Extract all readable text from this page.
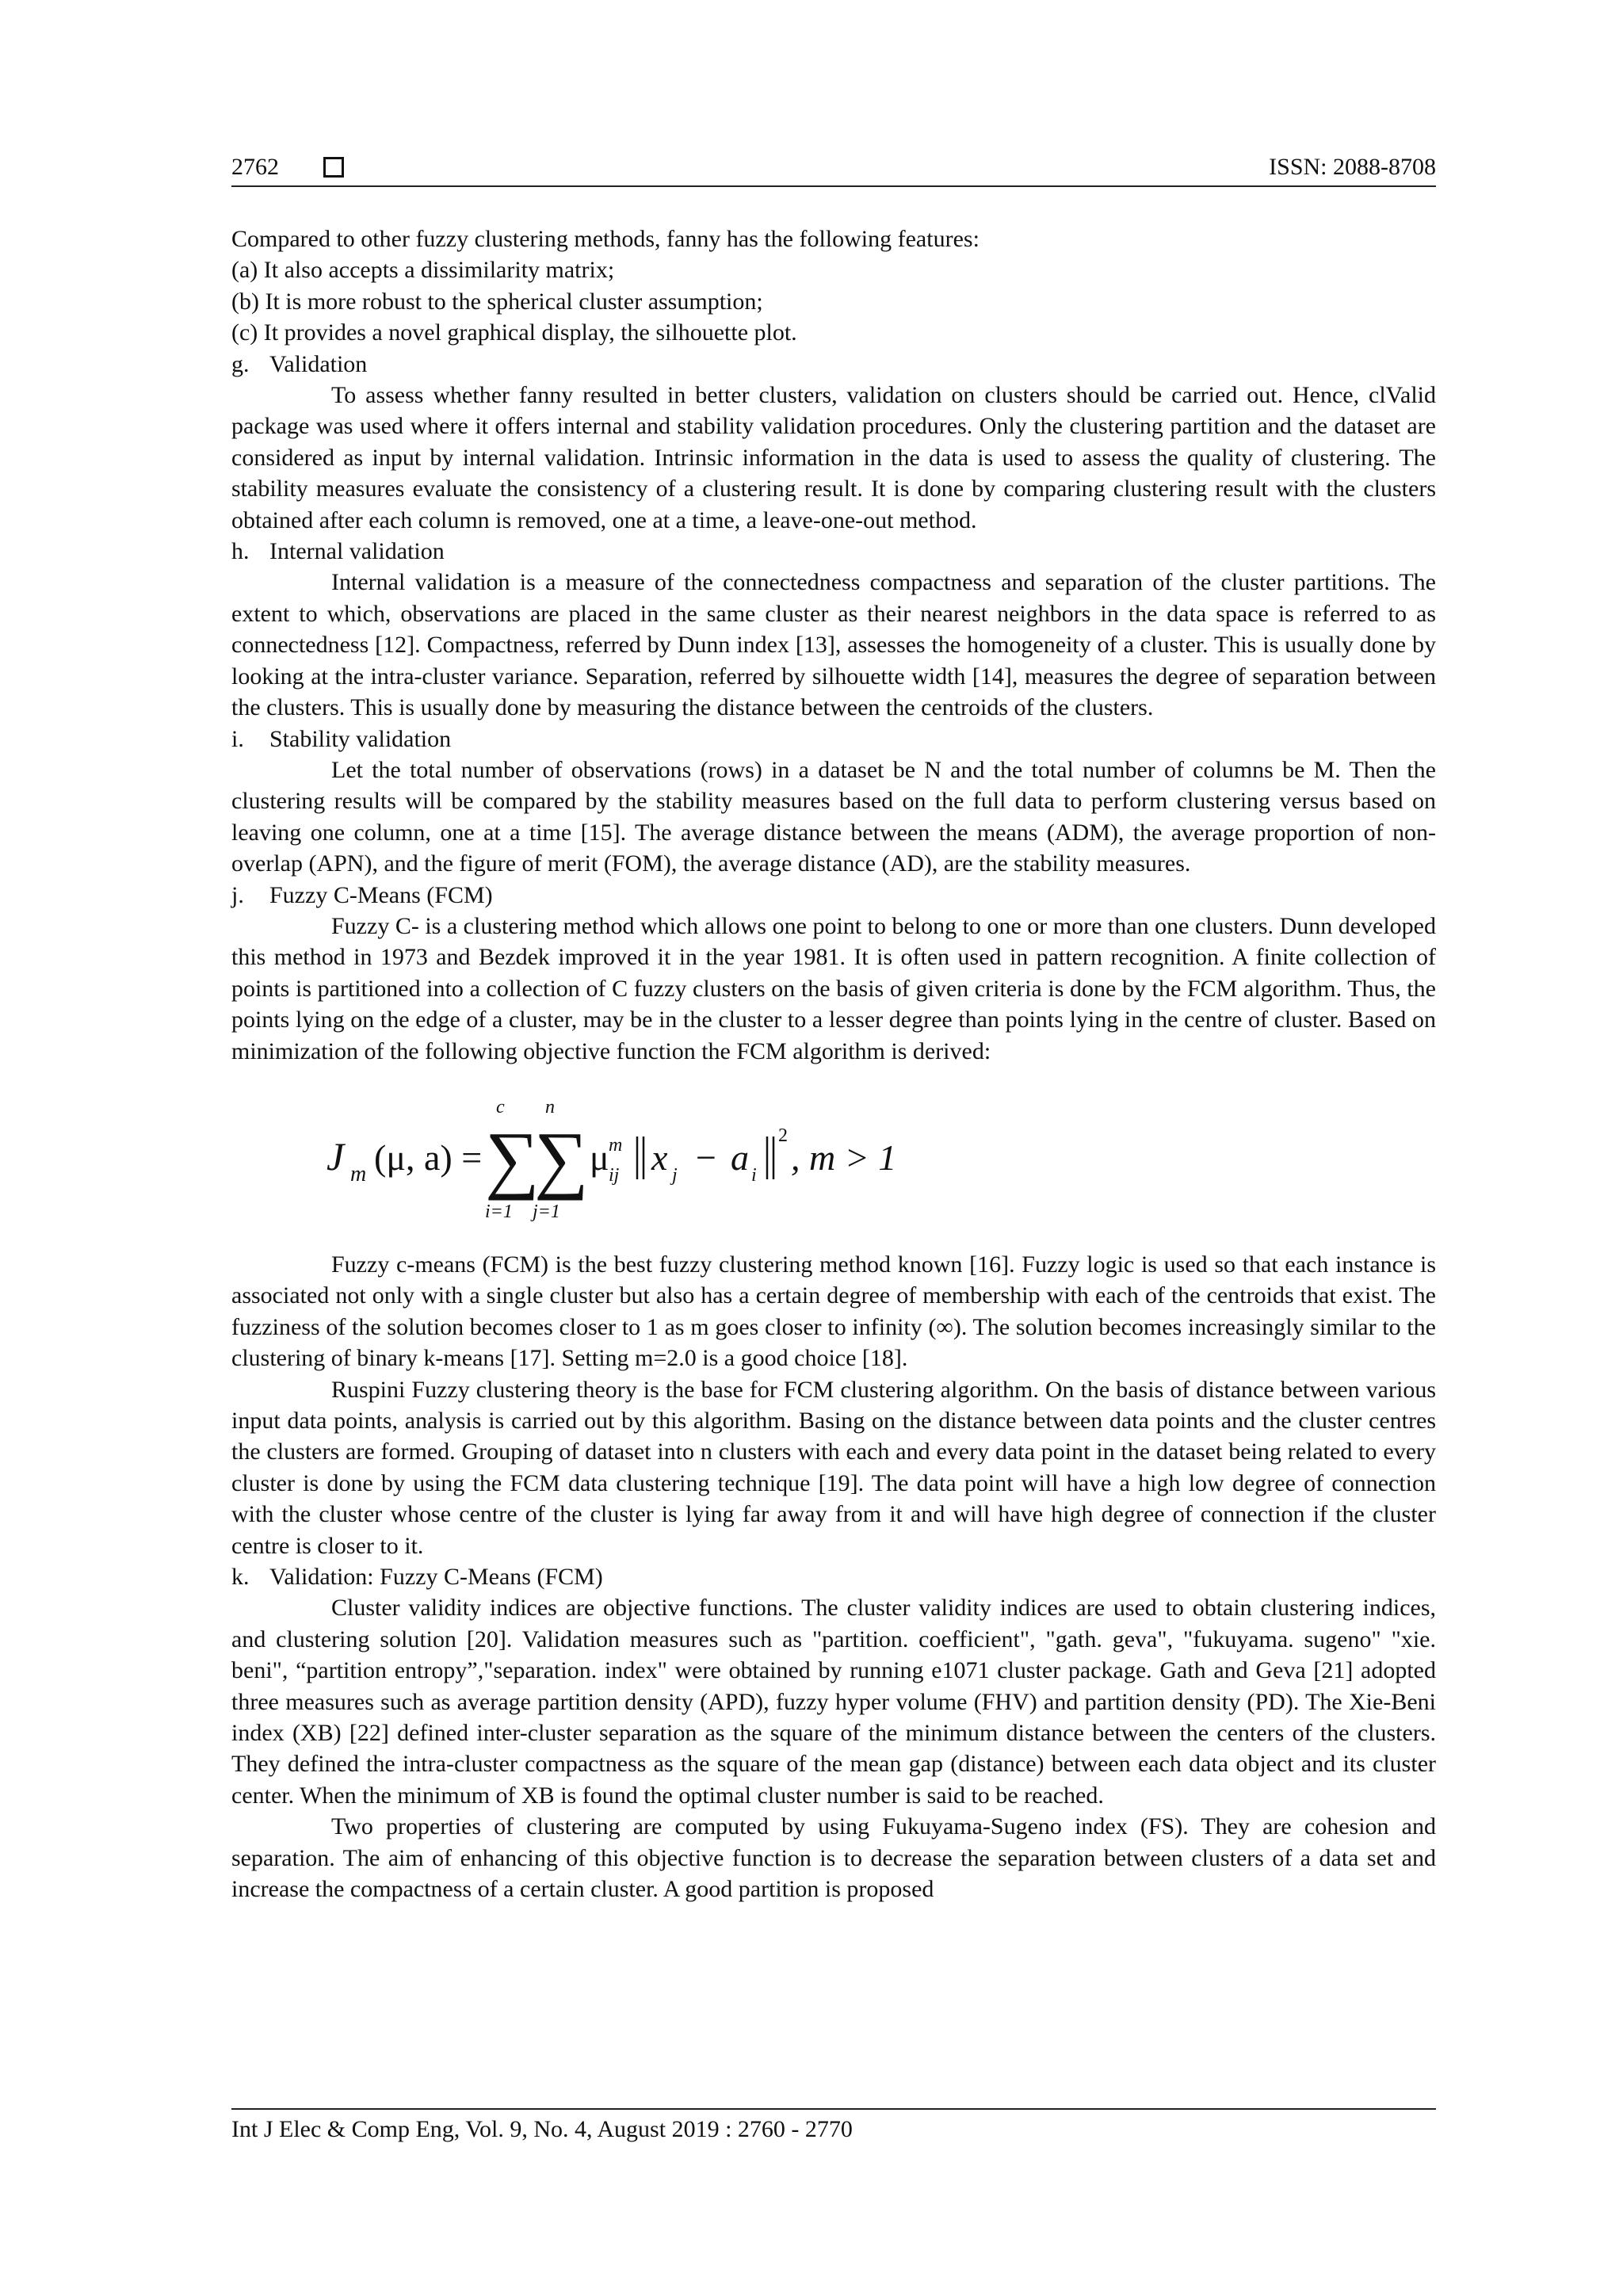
2762	ISSN: 2088-8708
Compared to other fuzzy clustering methods, fanny has the following features:
(a) It also accepts a dissimilarity matrix;
(b) It is more robust to the spherical cluster assumption;
(c) It provides a novel graphical display, the silhouette plot.
g. Validation

To assess whether fanny resulted in better clusters, validation on clusters should be carried out. Hence, clValid package was used where it offers internal and stability validation procedures. Only the clustering partition and the dataset are considered as input by internal validation. Intrinsic information in the data is used to assess the quality of clustering. The stability measures evaluate the consistency of a clustering result. It is done by comparing clustering result with the clusters obtained after each column is removed, one at a time, a leave-one-out method.

h. Internal validation

Internal validation is a measure of the connectedness compactness and separation of the cluster partitions. The extent to which, observations are placed in the same cluster as their nearest neighbors in the data space is referred to as connectedness [12]. Compactness, referred by Dunn index [13], assesses the homogeneity of a cluster. This is usually done by looking at the intra-cluster variance. Separation, referred by silhouette width [14], measures the degree of separation between the clusters. This is usually done by measuring the distance between the centroids of the clusters.

i. Stability validation

Let the total number of observations (rows) in a dataset be N and the total number of columns be M. Then the clustering results will be compared by the stability measures based on the full data to perform clustering versus based on leaving one column, one at a time [15]. The average distance between the means (ADM), the average proportion of non-overlap (APN), and the figure of merit (FOM), the average distance (AD), are the stability measures.

j. Fuzzy C-Means (FCM)

Fuzzy C- is a clustering method which allows one point to belong to one or more than one clusters. Dunn developed this method in 1973 and Bezdek improved it in the year 1981. It is often used in pattern recognition. A finite collection of points is partitioned into a collection of C fuzzy clusters on the basis of given criteria is done by the FCM algorithm. Thus, the points lying on the edge of a cluster, may be in the cluster to a lesser degree than points lying in the centre of cluster. Based on minimization of the following objective function the FCM algorithm is derived:

J m (μ, a) = ∑
c
i=1
∑
n
j=1
μ m
ij x j − a i
2
, m > 1

Fuzzy c-means (FCM) is the best fuzzy clustering method known [16]. Fuzzy logic is used so that each instance is associated not only with a single cluster but also has a certain degree of membership with each of the centroids that exist. The fuzziness of the solution becomes closer to 1 as m goes closer to infinity (∞). The solution becomes increasingly similar to the clustering of binary k-means [17]. Setting m=2.0 is a good choice [18].

Ruspini Fuzzy clustering theory is the base for FCM clustering algorithm. On the basis of distance between various input data points, analysis is carried out by this algorithm. Basing on the distance between data points and the cluster centres the clusters are formed. Grouping of dataset into n clusters with each and every data point in the dataset being related to every cluster is done by using the FCM data clustering technique [19]. The data point will have a high low degree of connection with the cluster whose centre of the cluster is lying far away from it and will have high degree of connection if the cluster centre is closer to it.

k. Validation: Fuzzy C-Means (FCM)

Cluster validity indices are objective functions. The cluster validity indices are used to obtain clustering indices, and clustering solution [20]. Validation measures such as "partition. coefficient", "gath. geva", "fukuyama. sugeno" "xie. beni", “partition entropy”,"separation. index" were obtained by running e1071 cluster package. Gath and Geva [21] adopted three measures such as average partition density (APD), fuzzy hyper volume (FHV) and partition density (PD). The Xie-Beni index (XB) [22] defined inter-cluster separation as the square of the minimum distance between the centers of the clusters. They defined the intra-cluster compactness as the square of the mean gap (distance) between each data object and its cluster center. When the minimum of XB is found the optimal cluster number is said to be reached.

Two properties of clustering are computed by using Fukuyama-Sugeno index (FS). They are cohesion and separation. The aim of enhancing of this objective function is to decrease the separation between clusters of a data set and increase the compactness of a certain cluster. A good partition is proposed

Int J Elec & Comp Eng, Vol. 9, No. 4, August 2019 : 2760 - 2770
